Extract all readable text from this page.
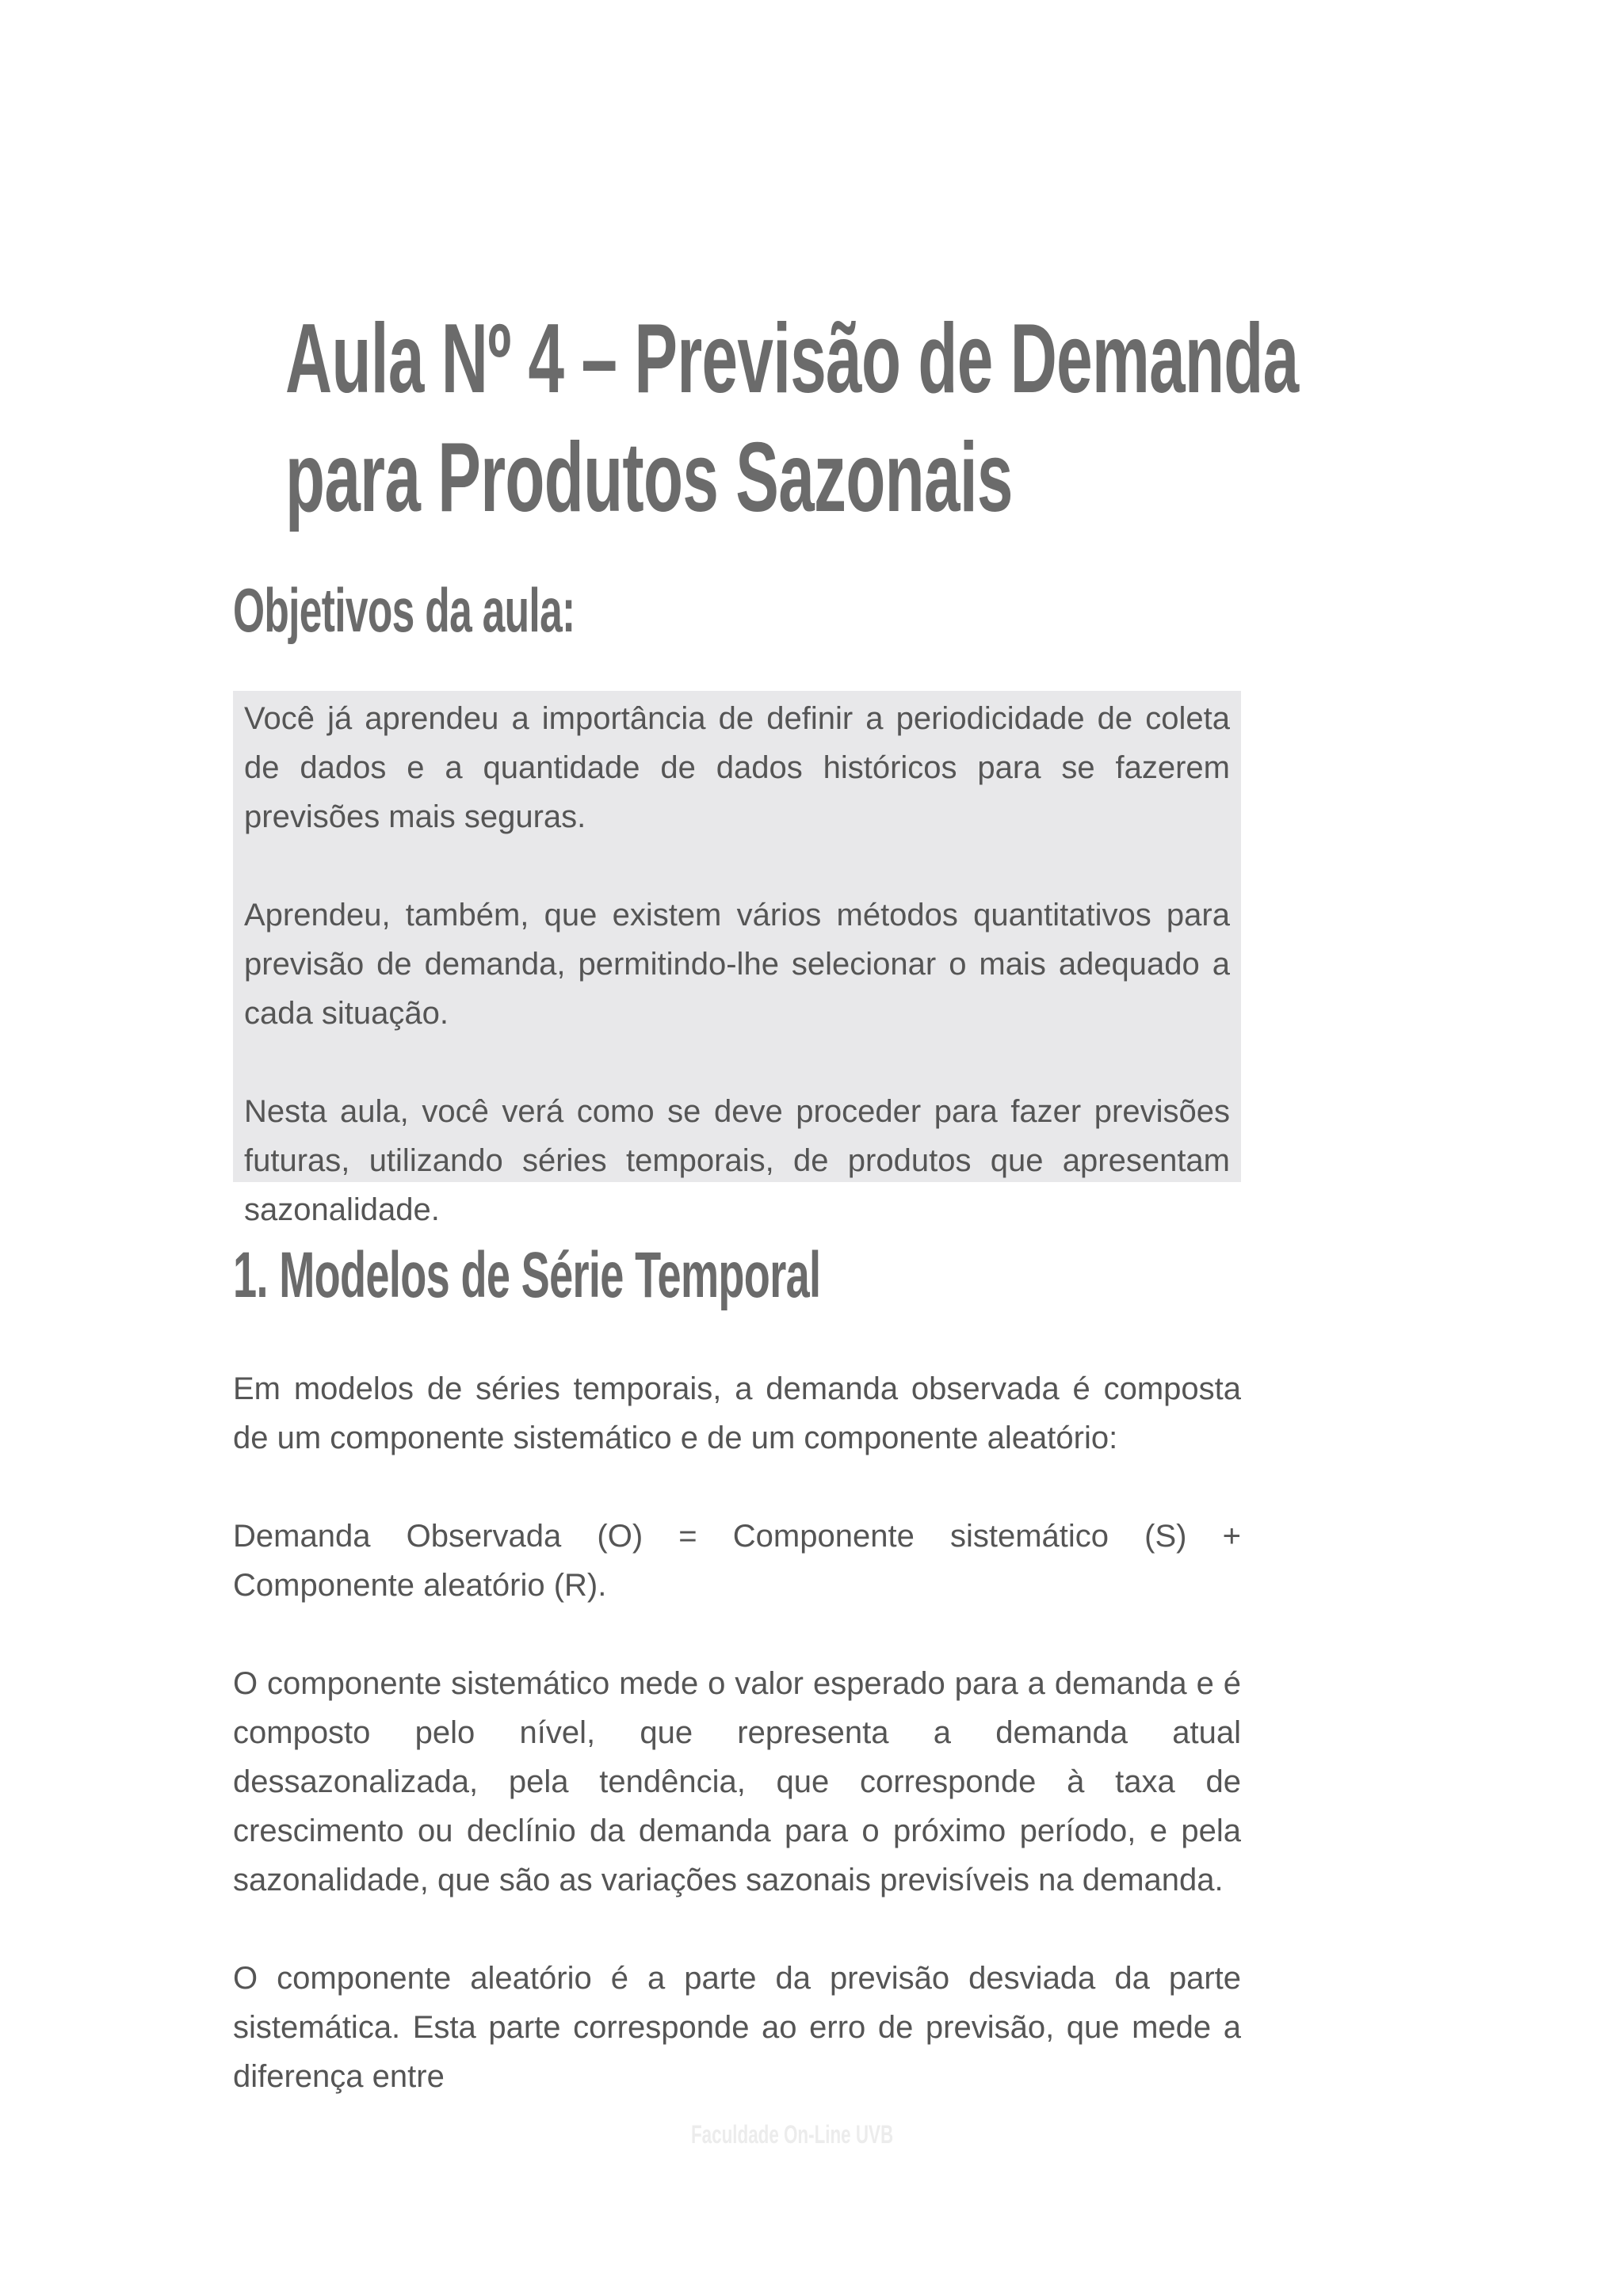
Aula Nº 4 – Previsão de Demanda
para Produtos Sazonais
Objetivos da aula:

Você já aprendeu a importância de definir a periodicidade de coleta de dados e a quantidade de dados históricos para se fazerem previsões mais seguras.

Aprendeu, também, que existem vários métodos quantitativos para previsão de demanda, permitindo-lhe selecionar o mais adequado a cada situação.

Nesta aula, você verá como se deve proceder para fazer previsões futuras, utilizando séries temporais, de produtos que apresentam sazonalidade.

1. Modelos de Série Temporal

Em modelos de séries temporais, a demanda observada é composta de um componente sistemático e de um componente aleatório:

Demanda Observada (O) = Componente sistemático (S) + Componente aleatório (R).

O componente sistemático mede o valor esperado para a demanda e é composto pelo nível, que representa a demanda atual dessazonalizada, pela tendência, que corresponde à taxa de crescimento ou declínio da demanda para o próximo período, e pela sazonalidade, que são as variações sazonais previsíveis na demanda.

O componente aleatório é a parte da previsão desviada da parte sistemática. Esta parte corresponde ao erro de previsão, que mede a diferença entre

Faculdade On-Line UVB
